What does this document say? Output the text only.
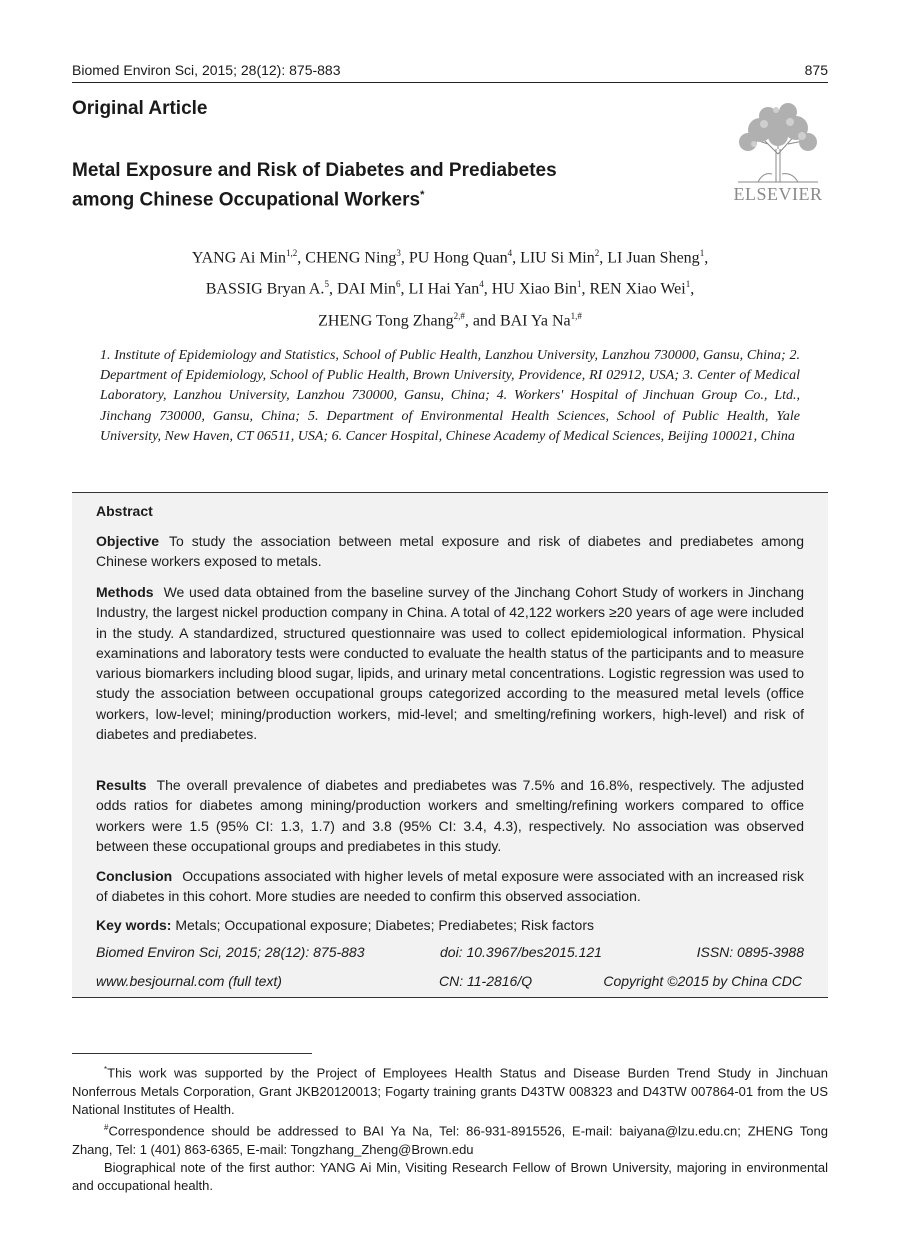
Biomed Environ Sci, 2015; 28(12): 875-883	875
Original Article
Metal Exposure and Risk of Diabetes and Prediabetes
among Chinese Occupational Workers*	ELSEVIER
YANG Ai Min$^{1,2}$, CHENG Ning$^3$, PU Hong Quan$^4$, LIU Si Min$^2$, LI Juan Sheng$^1$,
BASSIG Bryan A.$^5$, DAI Min$^6$, LI Hai Yan$^4$, HU Xiao Bin$^1$, REN Xiao Wei$^1$,
ZHENG Tong Zhang$^{2,\#}$, and BAI Ya $Na^{1,\#}$
1. Institute of Epidemiology and Statistics, School of Public Health, Lanzhou University, Lanzhou 730000, Gansu, China; 2. Department of Epidemiology, School of Public Health, Brown University, Providence, RI 02912, USA; 3. Center of Medical Laboratory, Lanzhou University, Lanzhou 730000, Gansu, China; 4. Workers' Hospital of Jinchuan Group Co., Ltd., Jinchang 730000, Gansu, China; 5. Department of Environmental Health Sciences, School of Public Health, Yale University, New Haven, CT 06511, USA; 6. Cancer Hospital, Chinese Academy of Medical Sciences, Beijing 100021, China
Abstract
Objective To study the association between metal exposure and risk of diabetes and prediabetes among Chinese workers exposed to metals.
Methods We used data obtained from the baseline survey of the Jinchang Cohort Study of workers in Jinchang Industry, the largest nickel production company in China. A total of 42,122 workers ≥20 years of age were included in the study. A standardized, structured questionnaire was used to collect epidemiological information. Physical examinations and laboratory tests were conducted to evaluate the health status of the participants and to measure various biomarkers including blood sugar, lipids, and urinary metal concentrations. Logistic regression was used to study the association between occupational groups categorized according to the measured metal levels (office workers, low-level; mining/production workers, mid-level; and smelting/refining workers, high-level) and risk of diabetes and prediabetes.
Results The overall prevalence of diabetes and prediabetes was 7.5% and 16.8%, respectively. The adjusted odds ratios for diabetes among mining/production workers and smelting/refining workers compared to office workers were 1.5 (95% CI: 1.3, 1.7) and 3.8 (95% CI: 3.4, 4.3), respectively. No association was observed between these occupational groups and prediabetes in this study.
Conclusion Occupations associated with higher levels of metal exposure were associated with an increased risk of diabetes in this cohort. More studies are needed to confirm this observed association.
Key words: Metals; Occupational exposure; Diabetes; Prediabetes; Risk factors
Biomed Environ Sci, 2015; 28(12): 875-883	doi: 10.3967/bes2015.121	ISSN: 0895-3988
www.besjournal.com (full text)	CN: 11-2816/Q	Copyright ©2015 by China CDC

*This work was supported by the Project of Employees Health Status and Disease Burden Trend Study in Jinchuan Nonferrous Metals Corporation, Grant JKB20120013; Fogarty training grants D43TW 008323 and D43TW 007864-01 from the US National Institutes of Health.

#Correspondence should be addressed to BAI Ya Na, Tel: 86-931-8915526, E-mail: baiyana@lzu.edu.cn; ZHENG Tong Zhang, Tel: 1 (401) 863-6365, E-mail: Tongzhang_Zheng@Brown.edu

Biographical note of the first author: YANG Ai Min, Visiting Research Fellow of Brown University, majoring in environmental and occupational health.
